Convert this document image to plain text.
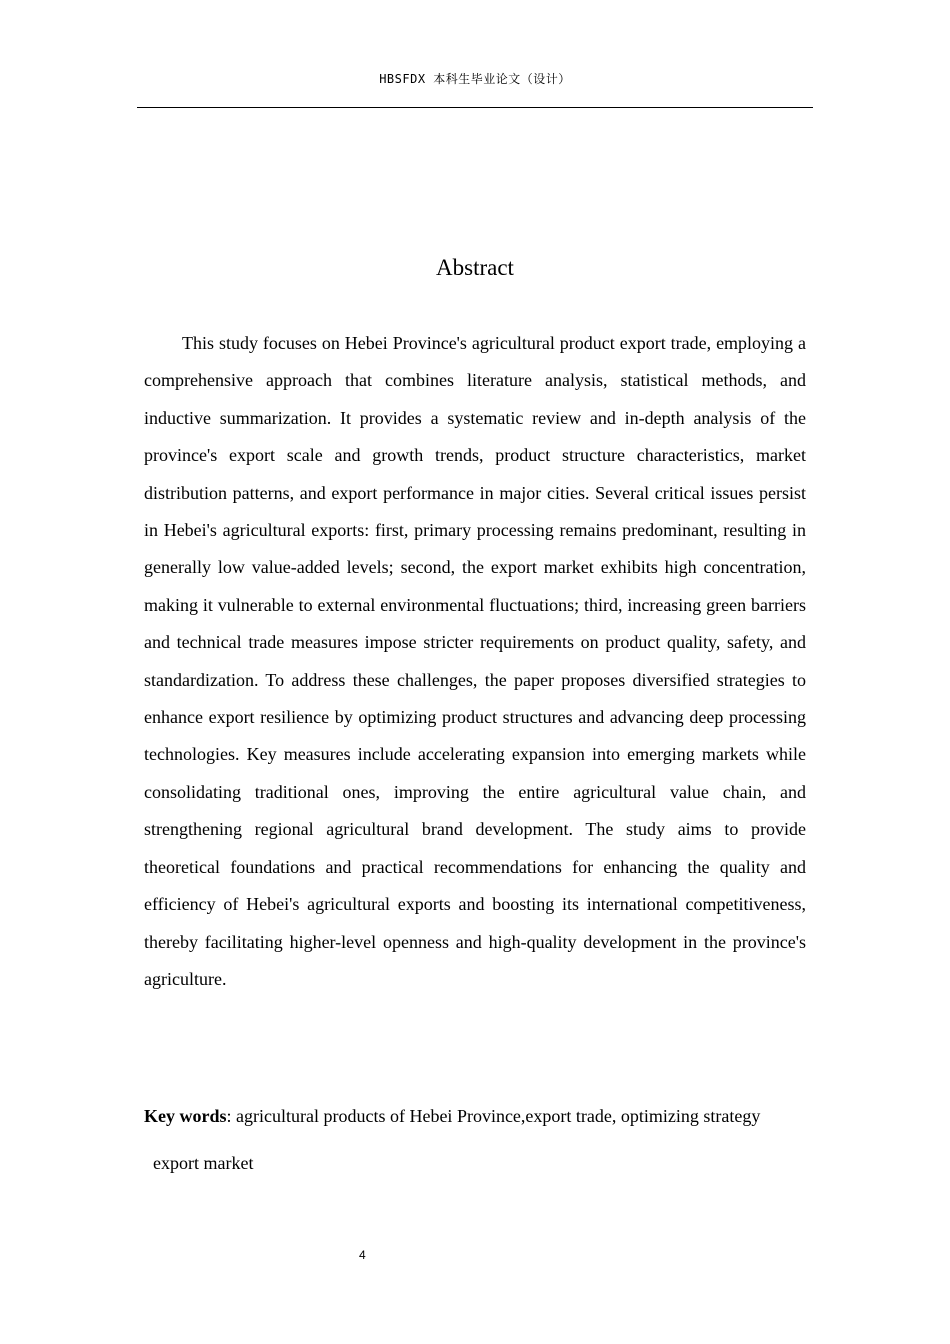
HBSFDX 本科生毕业论文（设计）
Abstract

This study focuses on Hebei Province's agricultural product export trade, employing a comprehensive approach that combines literature analysis, statistical methods, and inductive summarization. It provides a systematic review and in-depth analysis of the province's export scale and growth trends, product structure characteristics, market distribution patterns, and export performance in major cities. Several critical issues persist in Hebei's agricultural exports: first, primary processing remains predominant, resulting in generally low value-added levels; second, the export market exhibits high concentration, making it vulnerable to external environmental fluctuations; third, increasing green barriers and technical trade measures impose stricter requirements on product quality, safety, and standardization. To address these challenges, the paper proposes diversified strategies to enhance export resilience by optimizing product structures and advancing deep processing technologies. Key measures include accelerating expansion into emerging markets while consolidating traditional ones, improving the entire agricultural value chain, and strengthening regional agricultural brand development. The study aims to provide theoretical foundations and practical recommendations for enhancing the quality and efficiency of Hebei's agricultural exports and boosting its international competitiveness, thereby facilitating higher-level openness and high-quality development in the province's agriculture.

Key words: agricultural products of Hebei Province,export trade, optimizing strategy
export market

4
